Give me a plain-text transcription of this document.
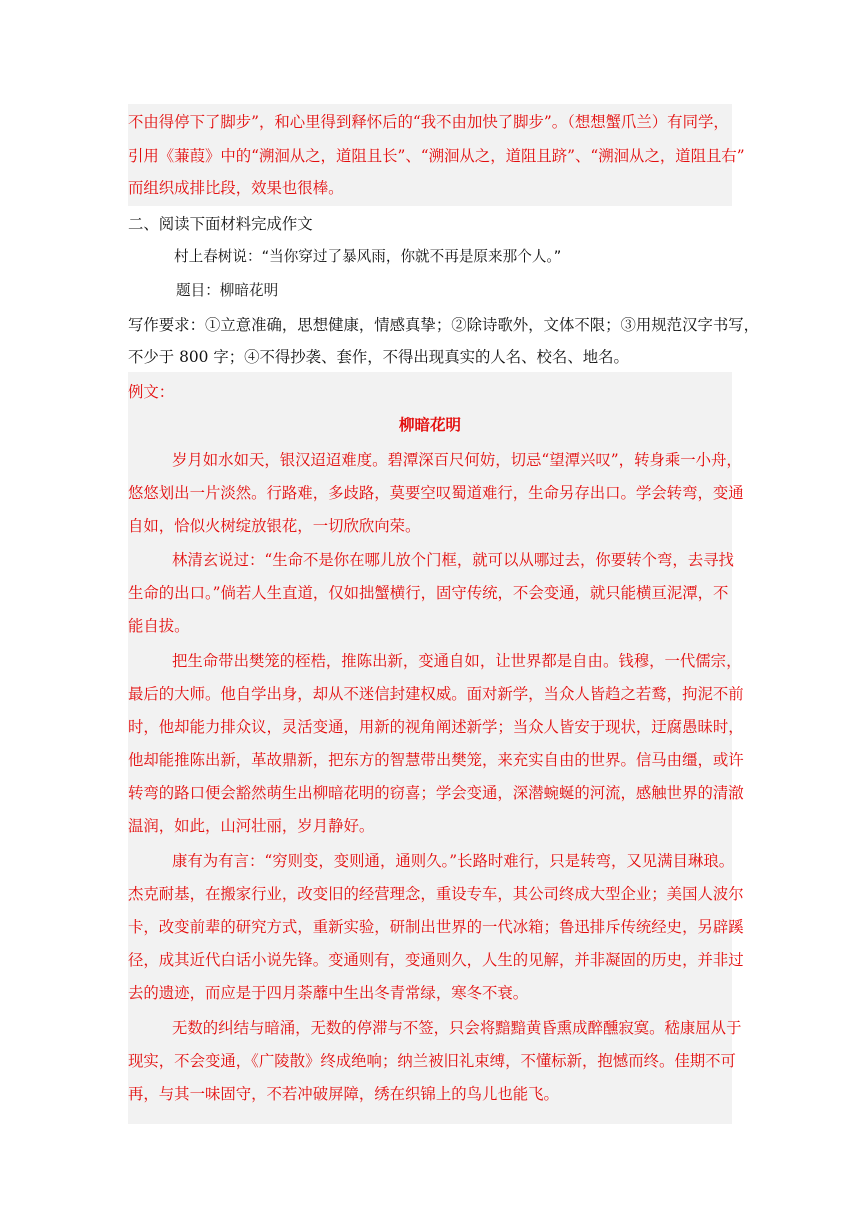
不由得停下了脚步”，和心里得到释怀后的“我不由加快了脚步”。（想想蟹爪兰）有同学，
引用《蒹葭》中的“溯洄从之，道阻且长”、“溯洄从之，道阻且跻”、“溯洄从之，道阻且右”
而组织成排比段，效果也很棒。
二、阅读下面材料完成作文
村上春树说：“当你穿过了暴风雨，你就不再是原来那个人。”
题目：柳暗花明
写作要求：①立意准确，思想健康，情感真挚；②除诗歌外，文体不限；③用规范汉字书写，
不少于 800 字；④不得抄袭、套作，不得出现真实的人名、校名、地名。
例文：
柳暗花明
岁月如水如天，银汉迢迢难度。碧潭深百尺何妨，切忌“望潭兴叹”，转身乘一小舟，
悠悠划出一片淡然。行路难，多歧路，莫要空叹蜀道难行，生命另存出口。学会转弯，变通
自如，恰似火树绽放银花，一切欣欣向荣。
林清玄说过：“生命不是你在哪儿放个门框，就可以从哪过去，你要转个弯，去寻找
生命的出口。”倘若人生直道，仅如拙蟹横行，固守传统，不会变通，就只能横亘泥潭，不
能自拔。
把生命带出樊笼的桎梏，推陈出新，变通自如，让世界都是自由。钱穆，一代儒宗，
最后的大师。他自学出身，却从不迷信封建权威。面对新学，当众人皆趋之若鹜，拘泥不前
时，他却能力排众议，灵活变通，用新的视角阐述新学；当众人皆安于现状，迂腐愚昧时，
他却能推陈出新，革故鼎新，把东方的智慧带出樊笼，来充实自由的世界。信马由缰，或许
转弯的路口便会豁然萌生出柳暗花明的窃喜；学会变通，深潜蜿蜒的河流，感触世界的清澈
温润，如此，山河壮丽，岁月静好。
康有为有言：“穷则变，变则通，通则久。”长路时难行，只是转弯，又见满目琳琅。
杰克耐基，在搬家行业，改变旧的经营理念，重设专车，其公司终成大型企业；美国人波尔
卡，改变前辈的研究方式，重新实验，研制出世界的一代冰箱；鲁迅排斥传统经史，另辟蹊
径，成其近代白话小说先锋。变通则有，变通则久，人生的见解，并非凝固的历史，并非过
去的遗迹，而应是于四月荼蘼中生出冬青常绿，寒冬不衰。
无数的纠结与暗涌，无数的停滞与不签，只会将黯黯黄昏熏成醉醺寂寞。嵇康屈从于
现实，不会变通，《广陵散》终成绝响；纳兰被旧礼束缚，不懂标新，抱憾而终。佳期不可
再，与其一味固守，不若冲破屏障，绣在织锦上的鸟儿也能飞。
